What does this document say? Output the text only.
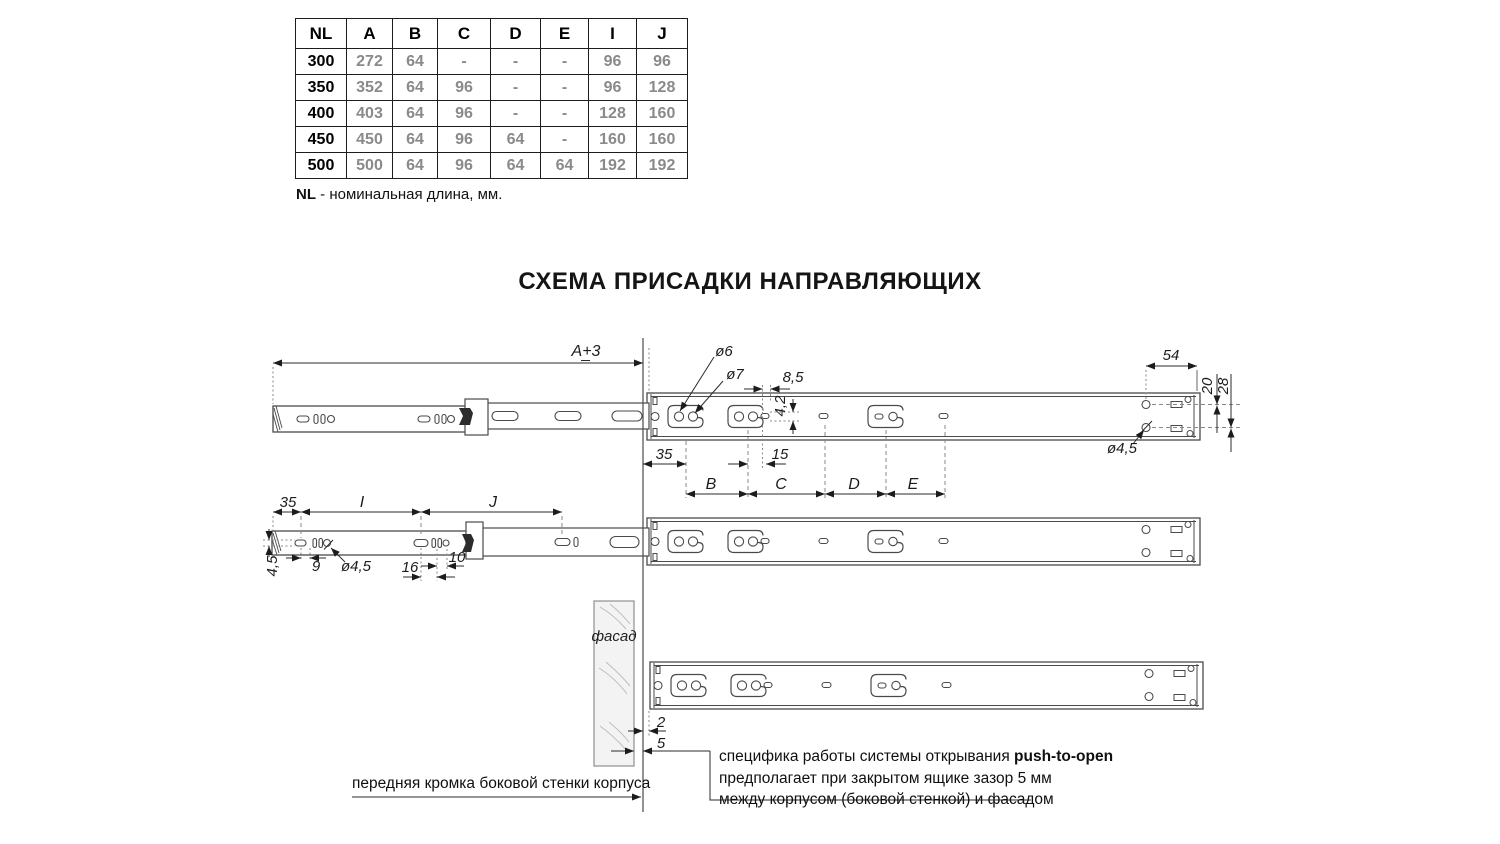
NL	A	B	C	D	E	I	J
300	272	64	-	-	-	96	96
350	352	64	96	-	-	96	128
400	403	64	96	-	-	128	160
450	450	64	96	64	-	160	160
500	500	64	96	64	64	192	192
NL - номинальная длина, мм.
СХЕМА ПРИСАДКИ НАПРАВЛЯЮЩИХ
фасад
A+3	ø6
ø7	8,5
4,2
35	15
B	C	D	E
54
20 28
ø4,5
35	I	J
4,5 9 ø4,5 16
10
2
5
специфика работы системы открывания push-to-open
предполагает при закрытом ящике зазор 5 мм
между корпусом (боковой стенкой) и фасадом
передняя кромка боковой стенки корпуса
